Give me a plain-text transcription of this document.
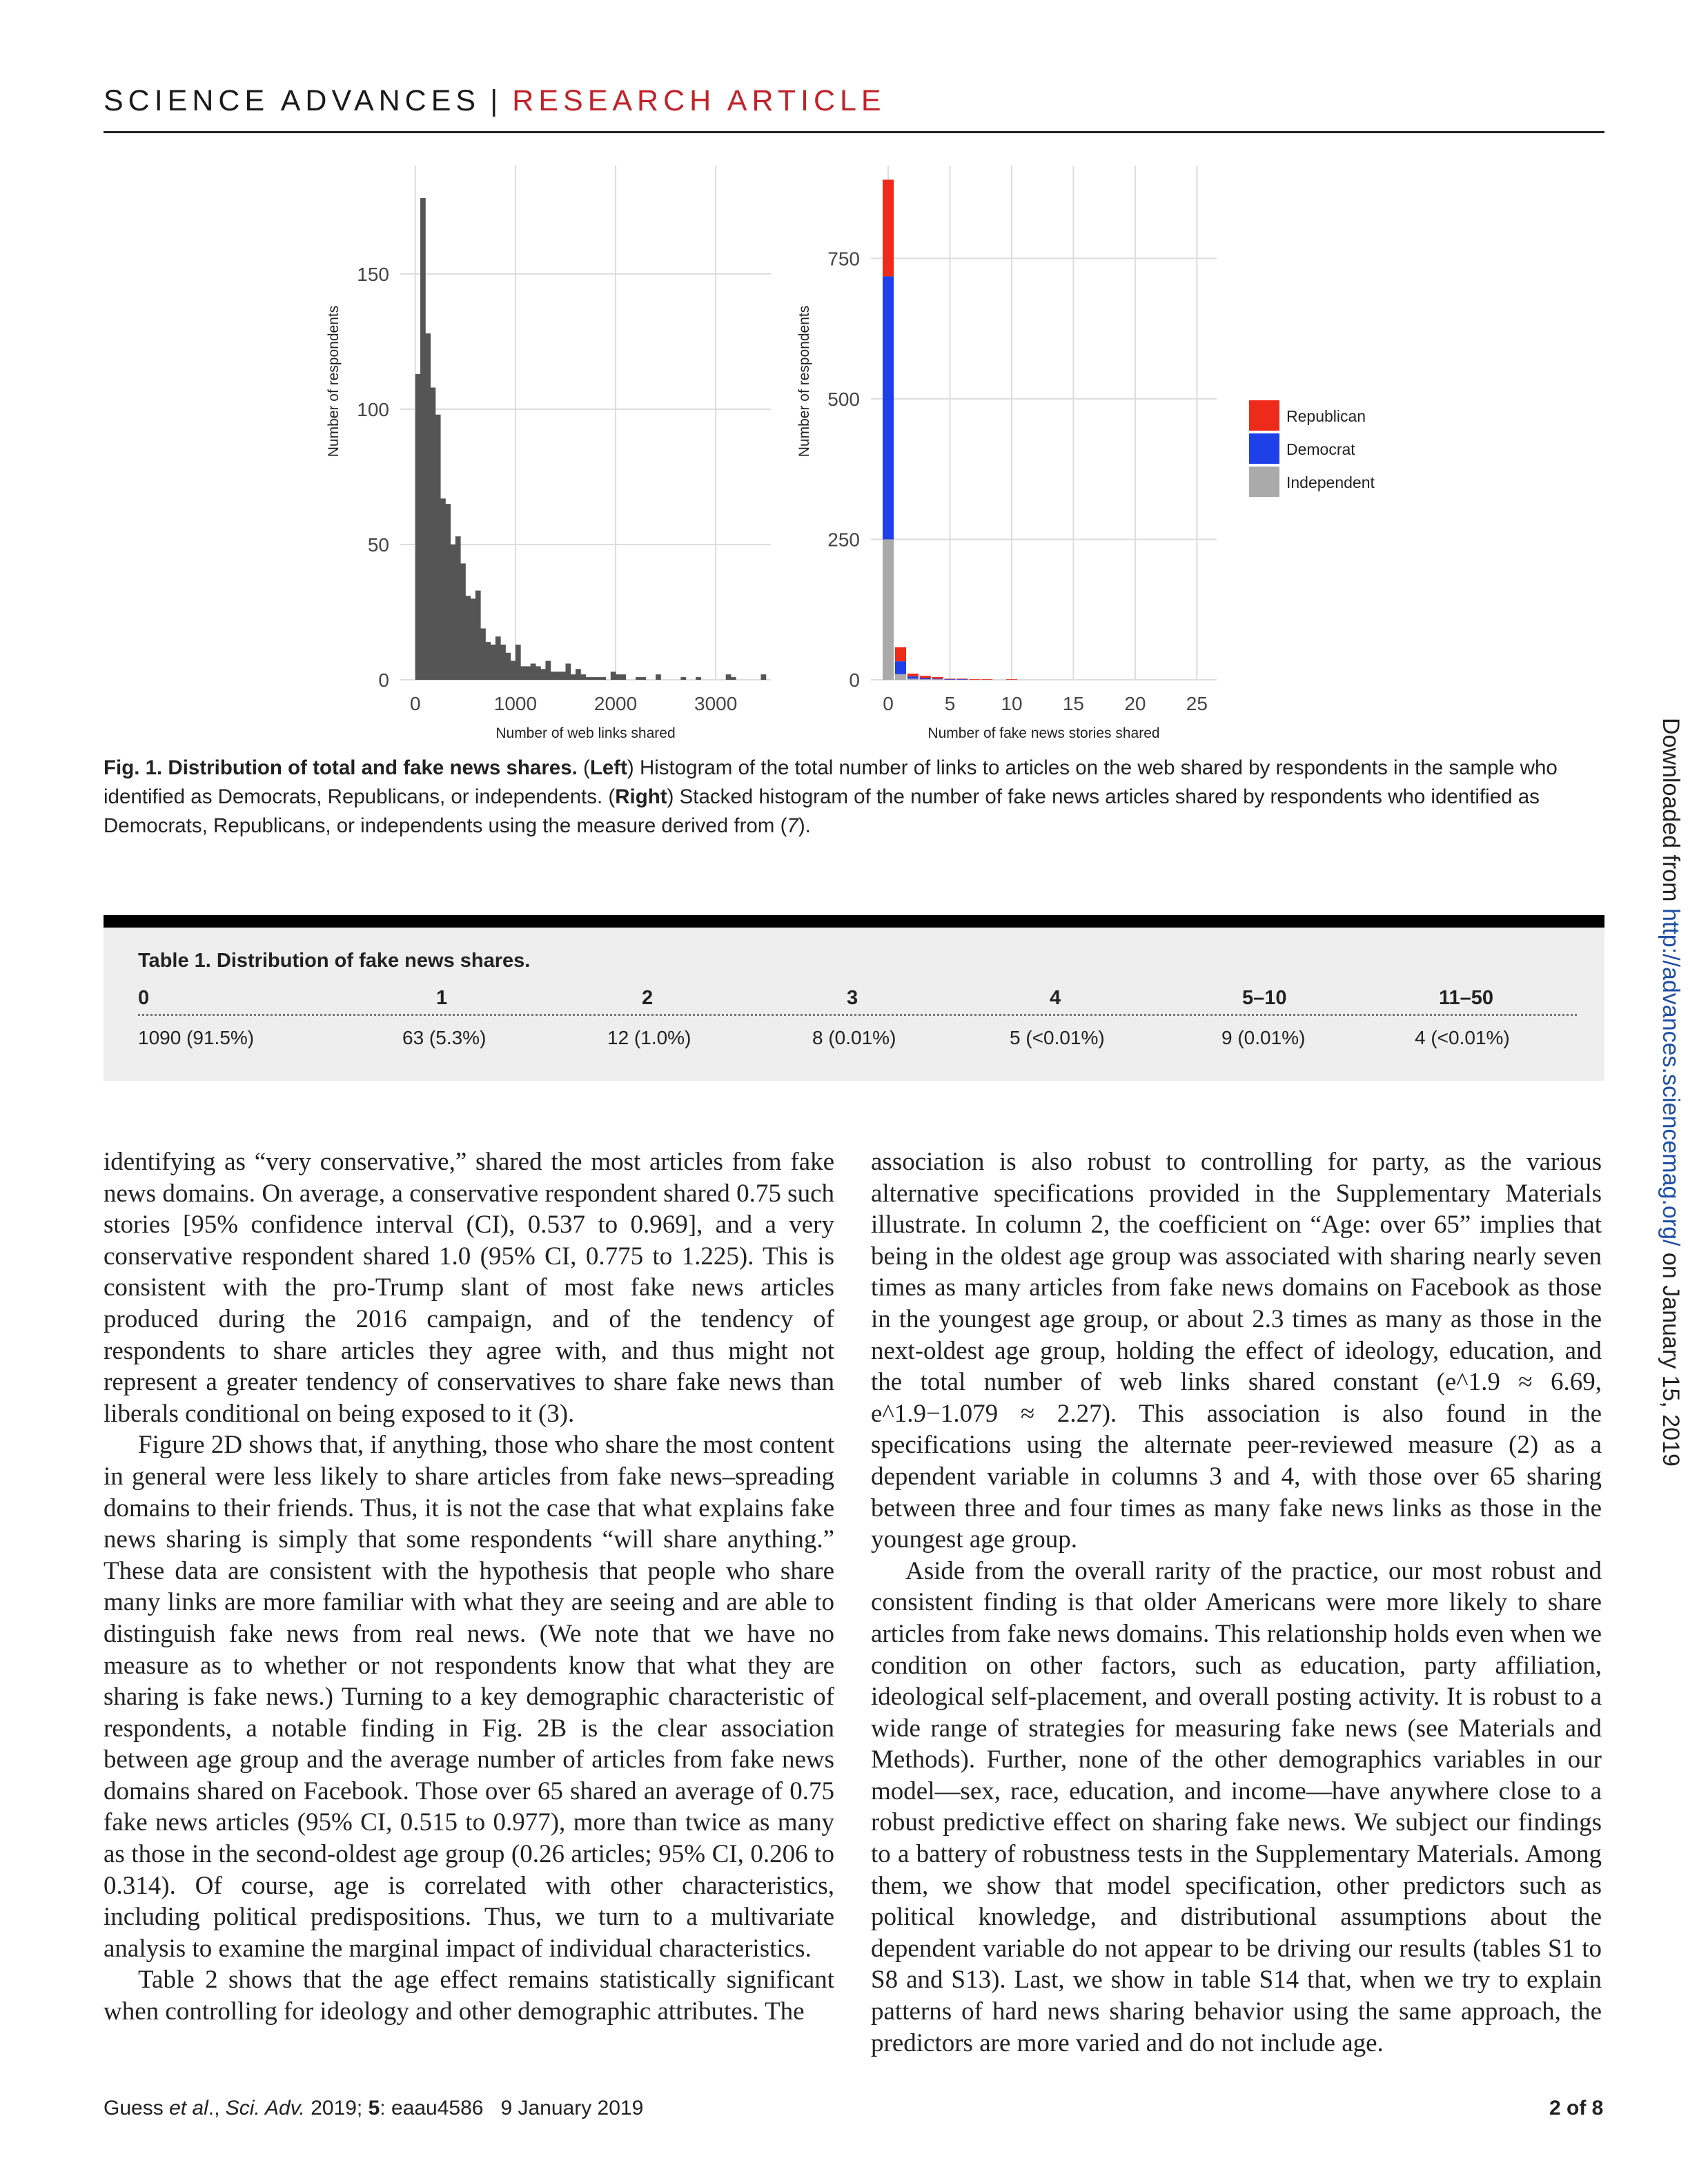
SCIENCE ADVANCES | RESEARCH ARTICLE
0	1000	2000	3000
0
50
100
150
Number of web links shared
Number of respondents
0	5 10 15 20 25
0
250
500
750
Number of fake news stories shared
Number of respondents	Republican
Democrat
Independent
Fig. 1. Distribution of total and fake news shares. (Left) Histogram of the total number of links to articles on the web shared by respondents in the sample who identified as Democrats, Republicans, or independents. (Right) Stacked histogram of the number of fake news articles shared by respondents who identified as Democrats, Republicans, or independents using the measure derived from (7).
Table 1. Distribution of fake news shares.
0	1	2	3	4	5–10	11–50
1090 (91.5%)	63 (5.3%)	12 (1.0%)	8 (0.01%)	5 (<0.01%)	9 (0.01%)	4 (<0.01%)

identifying as “very conservative,” shared the most articles from fake news domains. On average, a conservative respondent shared 0.75 such stories [95% confidence interval (CI), 0.537 to 0.969], and a very conservative respondent shared 1.0 (95% CI, 0.775 to 1.225). This is consistent with the pro-Trump slant of most fake news articles produced during the 2016 campaign, and of the tendency of respondents to share articles they agree with, and thus might not represent a greater tendency of conservatives to share fake news than liberals conditional on being exposed to it (3).

Figure 2D shows that, if anything, those who share the most content in general were less likely to share articles from fake news–spreading domains to their friends. Thus, it is not the case that what explains fake news sharing is simply that some respondents “will share anything.” These data are consistent with the hypothesis that people who share many links are more familiar with what they are seeing and are able to distinguish fake news from real news. (We note that we have no measure as to whether or not respondents know that what they are sharing is fake news.) Turning to a key demographic characteristic of respondents, a notable finding in Fig. 2B is the clear association between age group and the average number of articles from fake news domains shared on Facebook. Those over 65 shared an average of 0.75 fake news articles (95% CI, 0.515 to 0.977), more than twice as many as those in the second-oldest age group (0.26 articles; 95% CI, 0.206 to 0.314). Of course, age is correlated with other characteristics, including political predispositions. Thus, we turn to a multivariate analysis to examine the marginal impact of individual characteristics.

Table 2 shows that the age effect remains statistically significant when controlling for ideology and other demographic attributes. The

association is also robust to controlling for party, as the various alternative specifications provided in the Supplementary Materials illustrate. In column 2, the coefficient on “Age: over 65” implies that being in the oldest age group was associated with sharing nearly seven times as many articles from fake news domains on Facebook as those in the youngest age group, or about 2.3 times as many as those in the next-oldest age group, holding the effect of ideology, education, and the total number of web links shared constant (e^1.9 ≈ 6.69, e^1.9−1.079 ≈ 2.27). This association is also found in the specifications using the alternate peer-reviewed measure (2) as a dependent variable in columns 3 and 4, with those over 65 sharing between three and four times as many fake news links as those in the youngest age group.

Aside from the overall rarity of the practice, our most robust and consistent finding is that older Americans were more likely to share articles from fake news domains. This relationship holds even when we condition on other factors, such as education, party affiliation, ideological self-placement, and overall posting activity. It is robust to a wide range of strategies for measuring fake news (see Materials and Methods). Further, none of the other demographics variables in our model—sex, race, education, and income—have anywhere close to a robust predictive effect on sharing fake news. We subject our findings to a battery of robustness tests in the Supplementary Materials. Among them, we show that model specification, other predictors such as political knowledge, and distributional assumptions about the dependent variable do not appear to be driving our results (tables S1 to S8 and S13). Last, we show in table S14 that, when we try to explain patterns of hard news sharing behavior using the same approach, the predictors are more varied and do not include age.

Guess et al., Sci. Adv. 2019; 5: eaau4586 9 January 2019	2 of 8
Downloaded from http://advances.sciencemag.org/ on January 15, 2019
